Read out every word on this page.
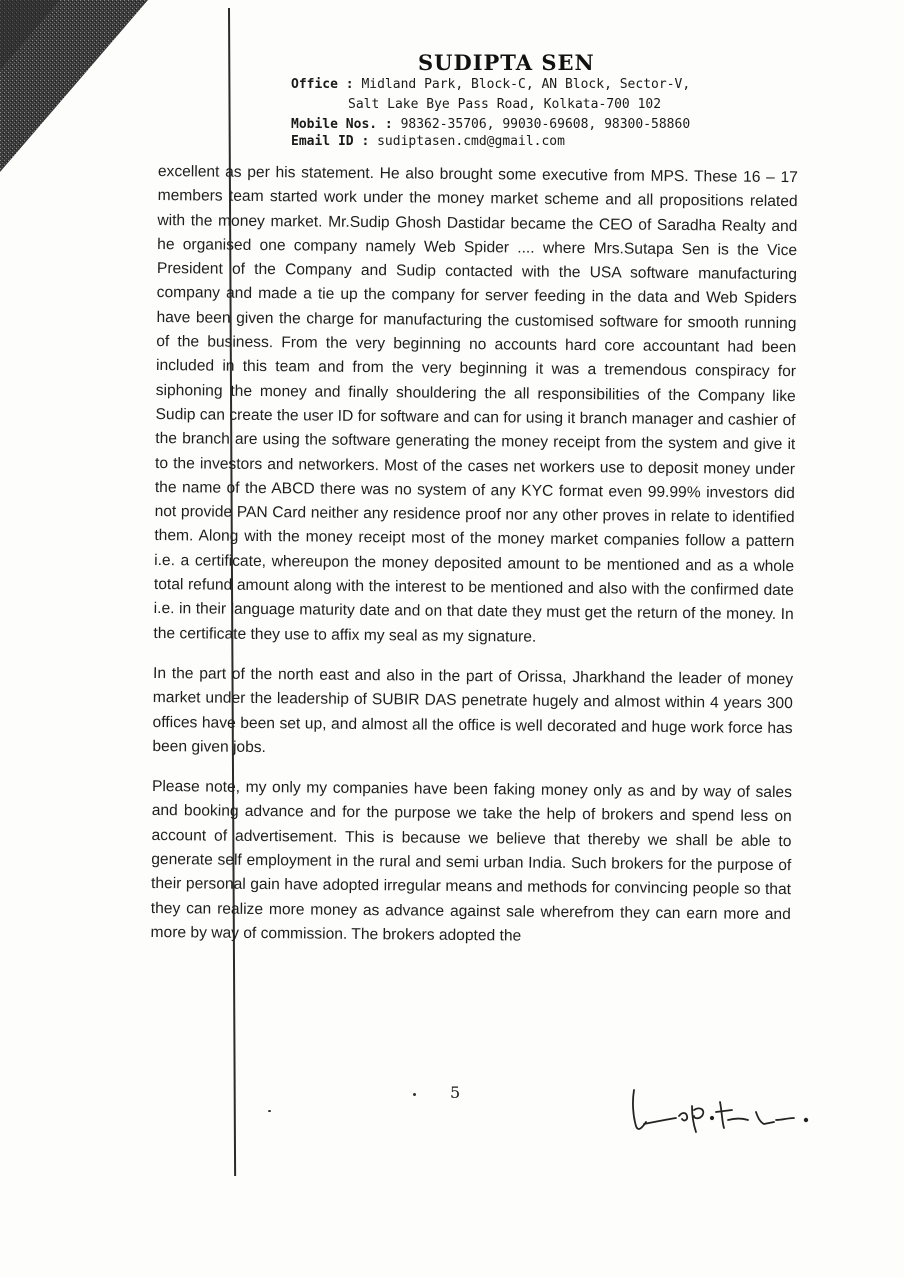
SUDIPTA SEN
Office : Midland Park, Block-C, AN Block, Sector-V,
Salt Lake Bye Pass Road, Kolkata-700 102
Mobile Nos. : 98362-35706, 99030-69608, 98300-58860
Email ID : sudiptasen.cmd@gmail.com

excellent as per his statement. He also brought some executive from MPS. These 16 – 17 members team started work under the money market scheme and all propositions related with the money market. Mr.Sudip Ghosh Dastidar became the CEO of Saradha Realty and he organised one company namely Web Spider .... where Mrs.Sutapa Sen is the Vice President of the Company and Sudip contacted with the USA software manufacturing company and made a tie up the company for server feeding in the data and Web Spiders have been given the charge for manufacturing the customised software for smooth running of the business. From the very beginning no accounts hard core accountant had been included in this team and from the very beginning it was a tremendous conspiracy for siphoning the money and finally shouldering the all responsibilities of the Company like Sudip can create the user ID for software and can for using it branch manager and cashier of the branch are using the software generating the money receipt from the system and give it to the investors and networkers. Most of the cases net workers use to deposit money under the name of the ABCD there was no system of any KYC format even 99.99% investors did not provide PAN Card neither any residence proof nor any other proves in relate to identified them. Along with the money receipt most of the money market companies follow a pattern i.e. a certificate, whereupon the money deposited amount to be mentioned and as a whole total refund amount along with the interest to be mentioned and also with the confirmed date i.e. in their language maturity date and on that date they must get the return of the money. In the certificate they use to affix my seal as my signature.

In the part of the north east and also in the part of Orissa, Jharkhand the leader of money market under the leadership of SUBIR DAS penetrate hugely and almost within 4 years 300 offices have been set up, and almost all the office is well decorated and huge work force has been given jobs.

Please note, my only my companies have been faking money only as and by way of sales and booking advance and for the purpose we take the help of brokers and spend less on account of advertisement. This is because we believe that thereby we shall be able to generate self employment in the rural and semi urban India. Such brokers for the purpose of their personal gain have adopted irregular means and methods for convincing people so that they can realize more money as advance against sale wherefrom they can earn more and more by way of commission. The brokers adopted the

5
